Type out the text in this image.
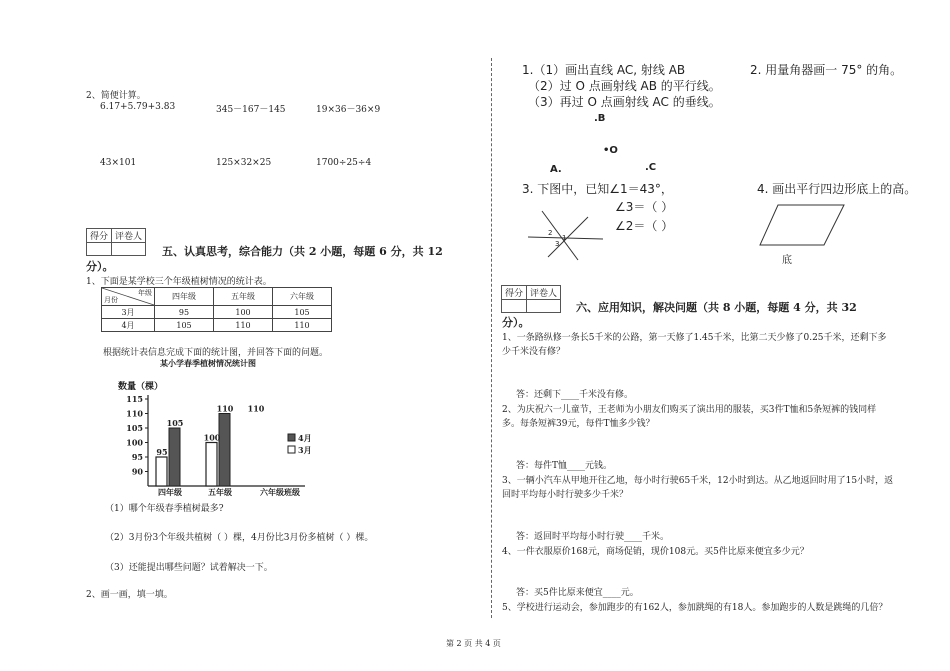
2、简便计算。
6.17+5.79+3.83	345－167－145	19×36－36×9
43×101	125×32×25	1700÷25÷4
得分	评卷人

五、认真思考，综合能力（共 2 小题，每题 6 分，共 12
分）。
1、下面是某学校三个年级植树情况的统计表。
年级
月份	四年级	五年级	六年级
3月	95	100	105
4月	105	110	110
根据统计表信息完成下面的统计图，并回答下面的问题。
某小学春季植树情况统计图
数量（棵）
90
95
100
105
110
115
四年级	五年级	六年级 班级
105
95
110
100
110
4月
3月
（1）哪个年级春季植树最多?
（2）3月份3个年级共植树（ ）棵，4月份比3月份多植树（ ）棵。
（3）还能提出哪些问题？试着解决一下。
2、画一画，填一填。
1.（1）画出直线 AC, 射线 AB
（2）过 O 点画射线 AB 的平行线。
（3）再过 O 点画射线 AC 的垂线。
2. 用量角器画一 75° 的角。
.B
•O
A.	.C
3. 下图中，已知∠1＝43°，
∠3＝（ ）
∠2＝（ ）
4. 画出平行四边形底上的高。
2
1
3
底
得分	评卷人

六、应用知识，解决问题（共 8 小题，每题 4 分，共 32
分）。
1、一条路纵修一条长5千米的公路，第一天修了1.45千米，比第二天少修了0.25千米，还剩下多
少千米没有修？
答：还剩下____千米没有修。
2、为庆祝六一儿童节，王老师为小朋友们购买了演出用的服装，买3件T恤和5条短裤的钱同样
多。每条短裤39元，每件T恤多少钱？
答：每件T恤____元钱。
3、一辆小汽车从甲地开往乙地，每小时行驶65千米，12小时到达。从乙地返回时用了15小时，返
回时平均每小时行驶多少千米？
答：返回时平均每小时行驶____千米。
4、一件衣服原价168元，商场促销，现价108元。买5件比原来便宜多少元？
答：买5件比原来便宜____元。
5、学校进行运动会，参加跑步的有162人，参加跳绳的有18人。参加跑步的人数是跳绳的几倍？
第 2 页 共 4 页
